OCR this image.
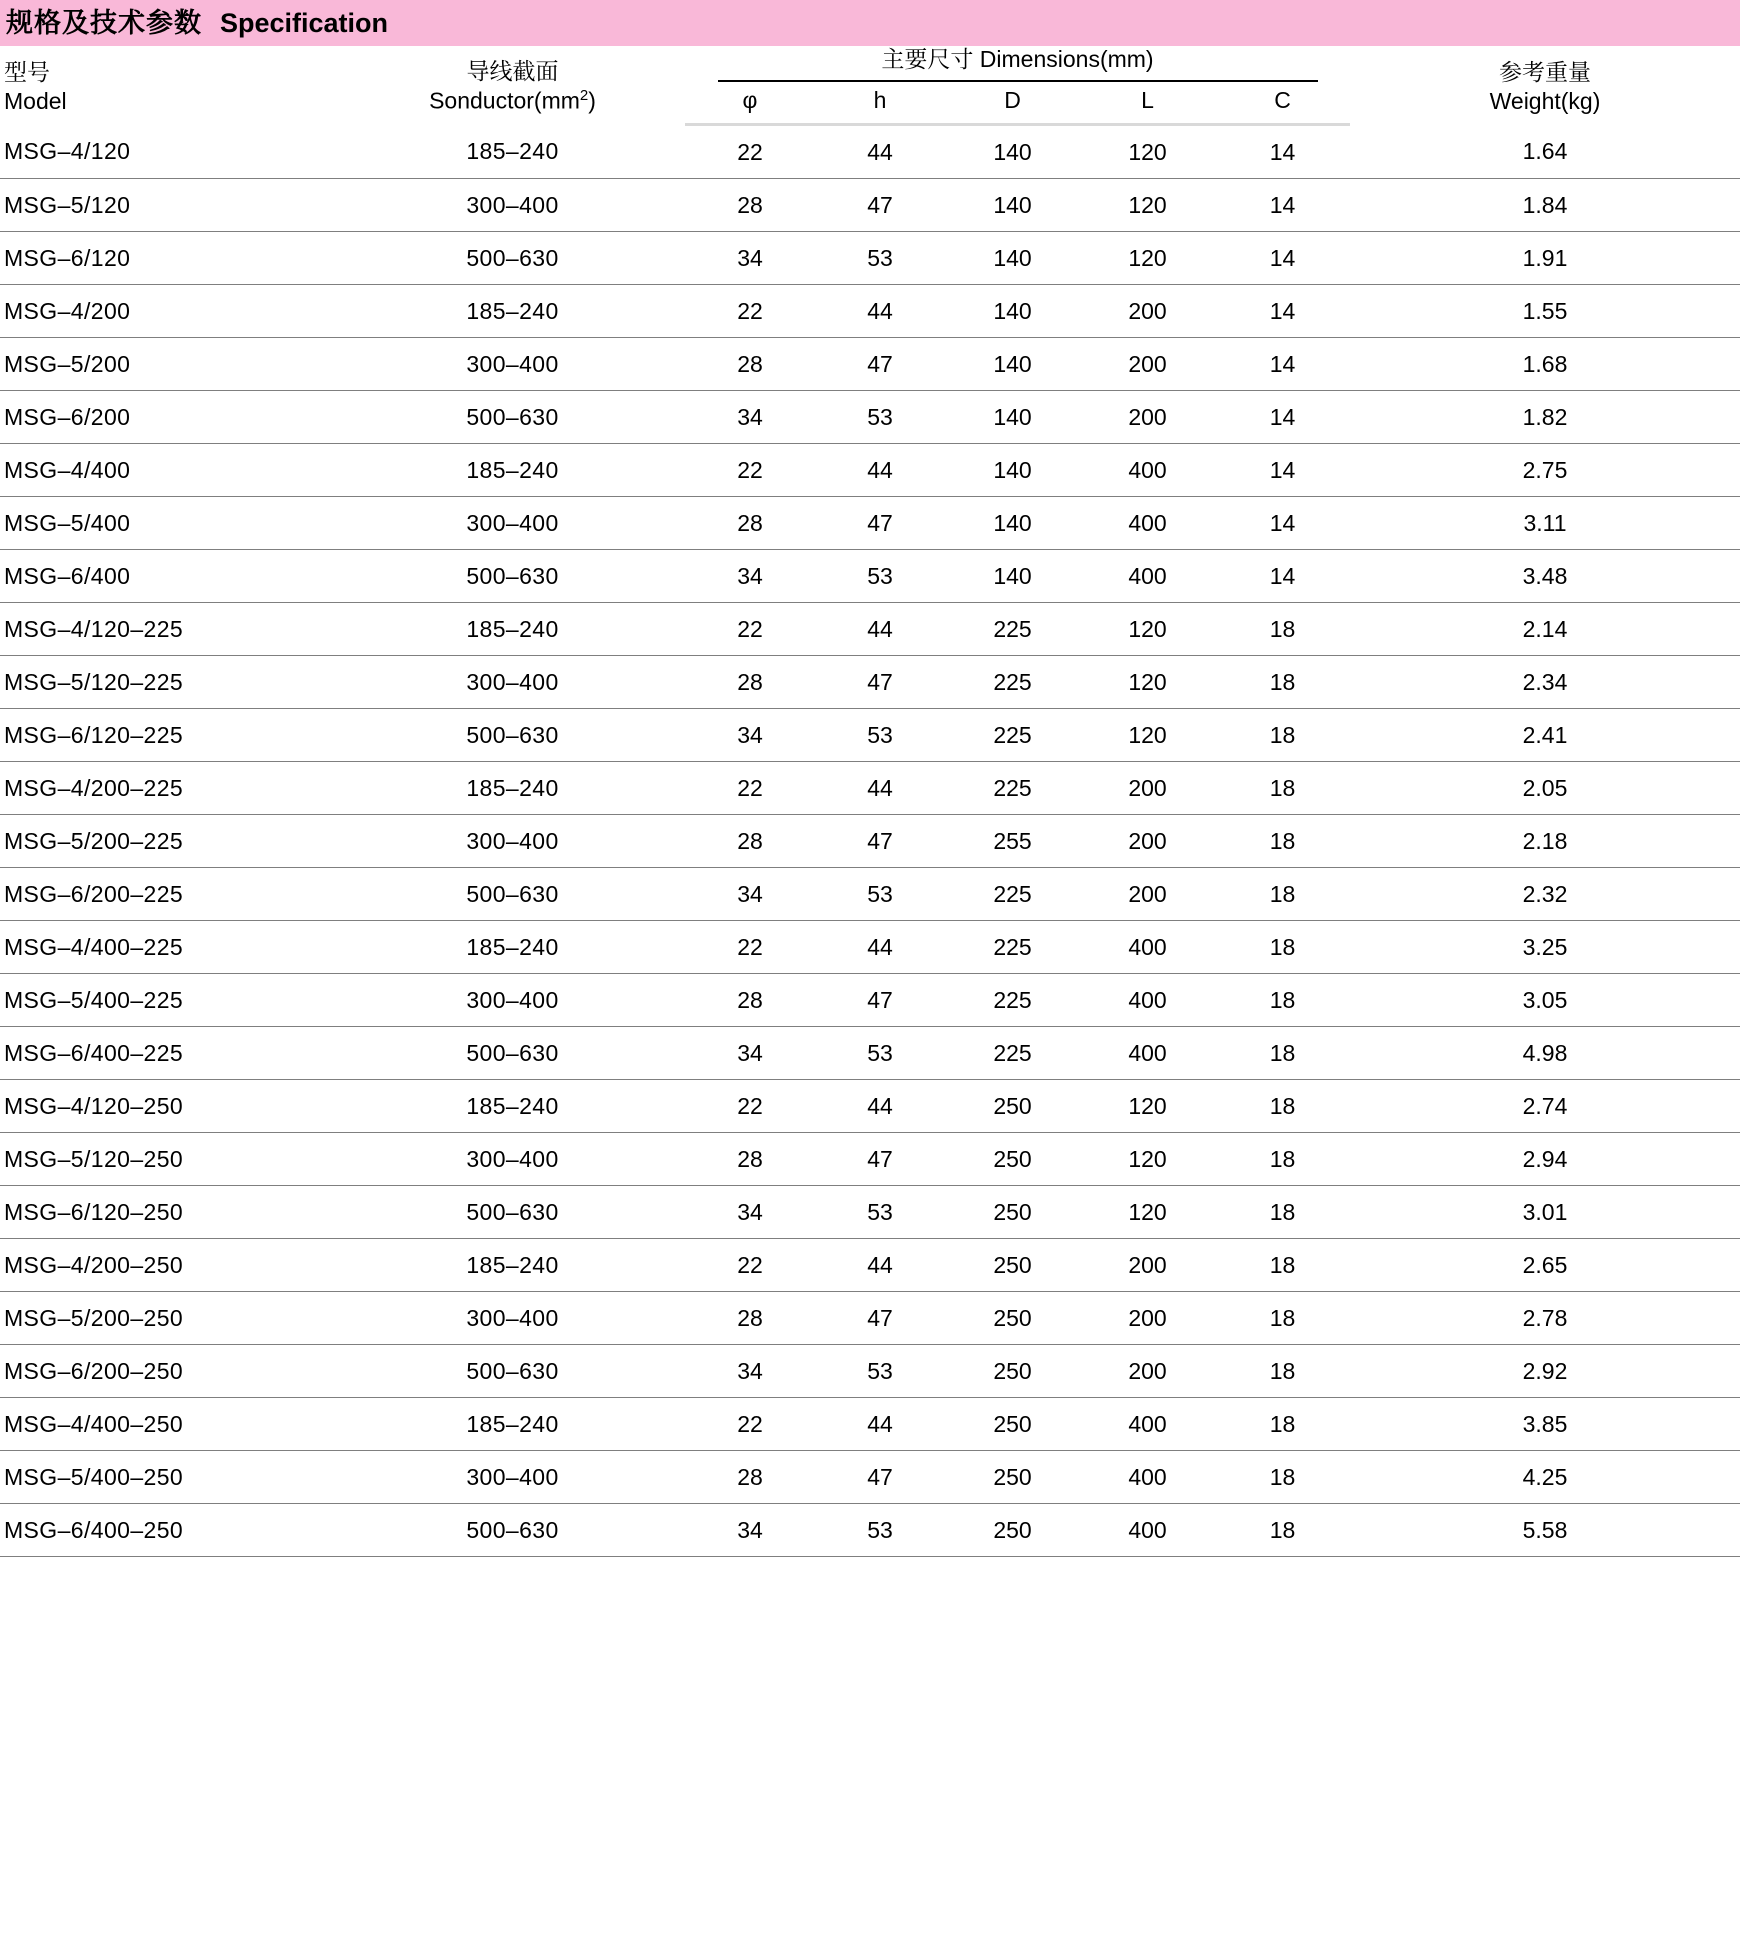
规格及技术参数 Specification
型号
Model

导线截面
$Sonductor(mm^2)$
	主要尺寸 Dimensions(mm)	参考重量
Weight(kg)

		φ	h	D	L	C	
MSG–4/120	185–240	22	44	140	120	14	1.64
MSG–5/120	300–400	28	47	140	120	14	1.84
MSG–6/120	500–630	34	53	140	120	14	1.91
MSG–4/200	185–240	22	44	140	200	14	1.55
MSG–5/200	300–400	28	47	140	200	14	1.68
MSG–6/200	500–630	34	53	140	200	14	1.82
MSG–4/400	185–240	22	44	140	400	14	2.75
MSG–5/400	300–400	28	47	140	400	14	3.11
MSG–6/400	500–630	34	53	140	400	14	3.48
MSG–4/120–225	185–240	22	44	225	120	18	2.14
MSG–5/120–225	300–400	28	47	225	120	18	2.34
MSG–6/120–225	500–630	34	53	225	120	18	2.41
MSG–4/200–225	185–240	22	44	225	200	18	2.05
MSG–5/200–225	300–400	28	47	255	200	18	2.18
MSG–6/200–225	500–630	34	53	225	200	18	2.32
MSG–4/400–225	185–240	22	44	225	400	18	3.25
MSG–5/400–225	300–400	28	47	225	400	18	3.05
MSG–6/400–225	500–630	34	53	225	400	18	4.98
MSG–4/120–250	185–240	22	44	250	120	18	2.74
MSG–5/120–250	300–400	28	47	250	120	18	2.94
MSG–6/120–250	500–630	34	53	250	120	18	3.01
MSG–4/200–250	185–240	22	44	250	200	18	2.65
MSG–5/200–250	300–400	28	47	250	200	18	2.78
MSG–6/200–250	500–630	34	53	250	200	18	2.92
MSG–4/400–250	185–240	22	44	250	400	18	3.85
MSG–5/400–250	300–400	28	47	250	400	18	4.25
MSG–6/400–250	500–630	34	53	250	400	18	5.58
